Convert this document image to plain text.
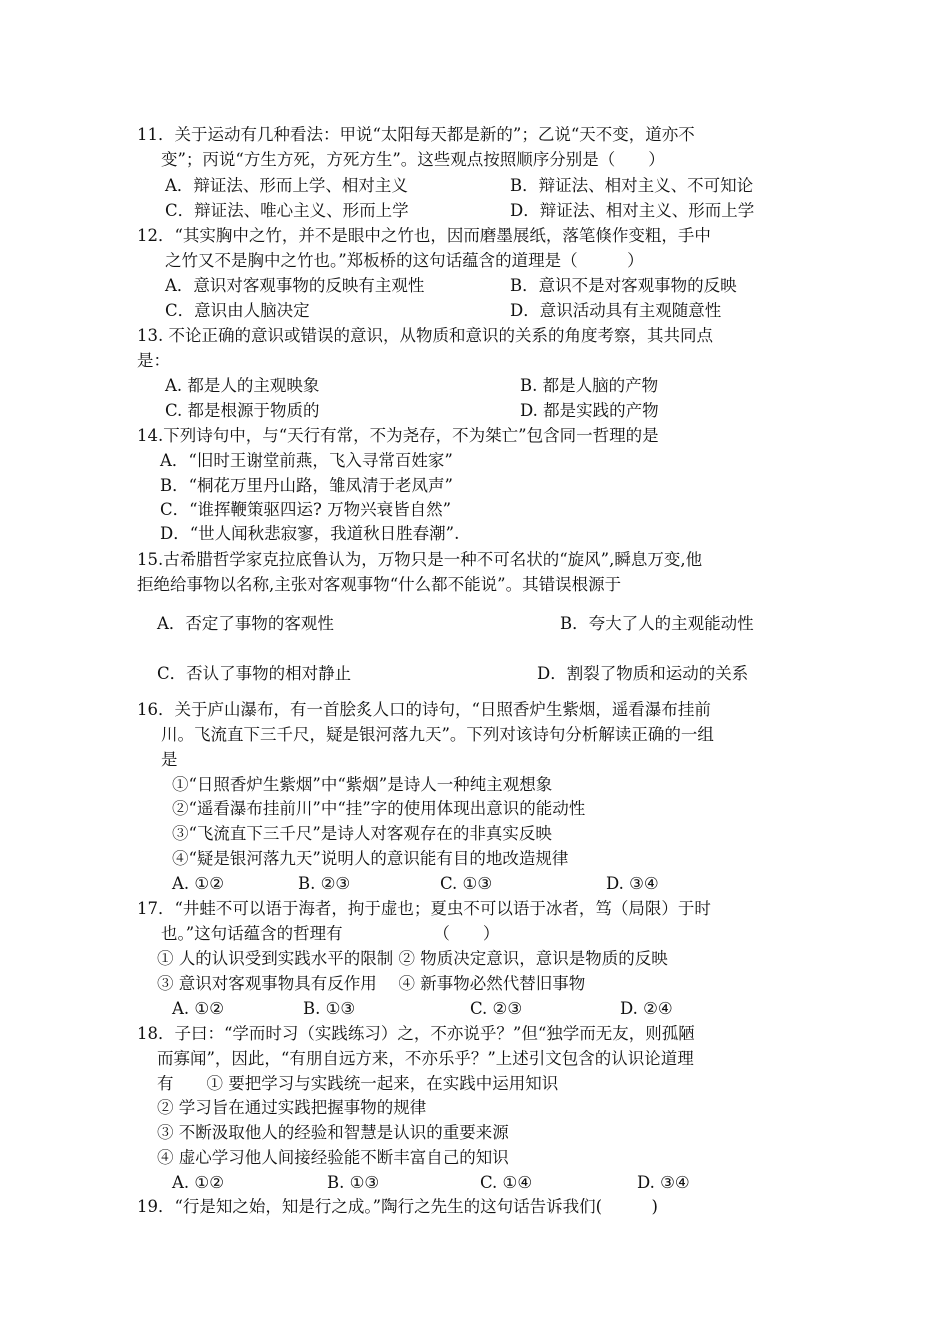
11．关于运动有几种看法：甲说“太阳每天都是新的”；乙说“天不变，道亦不
变”；丙说“方生方死，方死方生”。这些观点按照顺序分别是（　　）
A．辩证法、形而上学、相对主义	B．辩证法、相对主义、不可知论
C．辩证法、唯心主义、形而上学	D．辩证法、相对主义、形而上学
12．“其实胸中之竹，并不是眼中之竹也，因而磨墨展纸，落笔倏作变粗，手中
之竹又不是胸中之竹也。”郑板桥的这句话蕴含的道理是（　　　）
A．意识对客观事物的反映有主观性	B．意识不是对客观事物的反映
C．意识由人脑决定	D．意识活动具有主观随意性
13. 不论正确的意识或错误的意识，从物质和意识的关系的角度考察，其共同点
是：
A. 都是人的主观映象	B. 都是人脑的产物
C. 都是根源于物质的	D. 都是实践的产物
14.下列诗句中，与“天行有常，不为尧存，不为桀亡”包含同一哲理的是
A．“旧时王谢堂前燕，飞入寻常百姓家”
B．“桐花万里丹山路，雏凤清于老凤声”
C．“谁挥鞭策驱四运? 万物兴衰皆自然”
D．“世人闻秋悲寂寥，我道秋日胜春潮”.
15.古希腊哲学家克拉底鲁认为，万物只是一种不可名状的“旋风”,瞬息万变,他
拒绝给事物以名称,主张对客观事物“什么都不能说”。其错误根源于
A．否定了事物的客观性	B．夸大了人的主观能动性
C．否认了事物的相对静止	D．割裂了物质和运动的关系
16．关于庐山瀑布，有一首脍炙人口的诗句，“日照香炉生紫烟，遥看瀑布挂前
川。飞流直下三千尺，疑是银河落九天”。下列对该诗句分析解读正确的一组
是
①“日照香炉生紫烟”中“紫烟”是诗人一种纯主观想象
②“遥看瀑布挂前川”中“挂”字的使用体现出意识的能动性
③“飞流直下三千尺”是诗人对客观存在的非真实反映
④“疑是银河落九天”说明人的意识能有目的地改造规律
A. ①②	B. ②③	C. ①③	D. ③④
17．“井蛙不可以语于海者，拘于虚也；夏虫不可以语于冰者，笃（局限）于时
也。”这句话蕴含的哲理有　　　　　　（　　）
① 人的认识受到实践水平的限制 ② 物质决定意识，意识是物质的反映
③ 意识对客观事物具有反作用　 ④ 新事物必然代替旧事物
A. ①②	B. ①③	C. ②③	D. ②④
18．子曰：“学而时习（实践练习）之，不亦说乎？”但“独学而无友，则孤陋
而寡闻”，因此，“有朋自远方来，不亦乐乎？”上述引文包含的认识论道理
有　　① 要把学习与实践统一起来，在实践中运用知识
② 学习旨在通过实践把握事物的规律
③ 不断汲取他人的经验和智慧是认识的重要来源
④ 虚心学习他人间接经验能不断丰富自己的知识
A. ①②	B. ①③	C. ①④	D. ③④
19．“行是知之始，知是行之成。”陶行之先生的这句话告诉我们(　　　)
